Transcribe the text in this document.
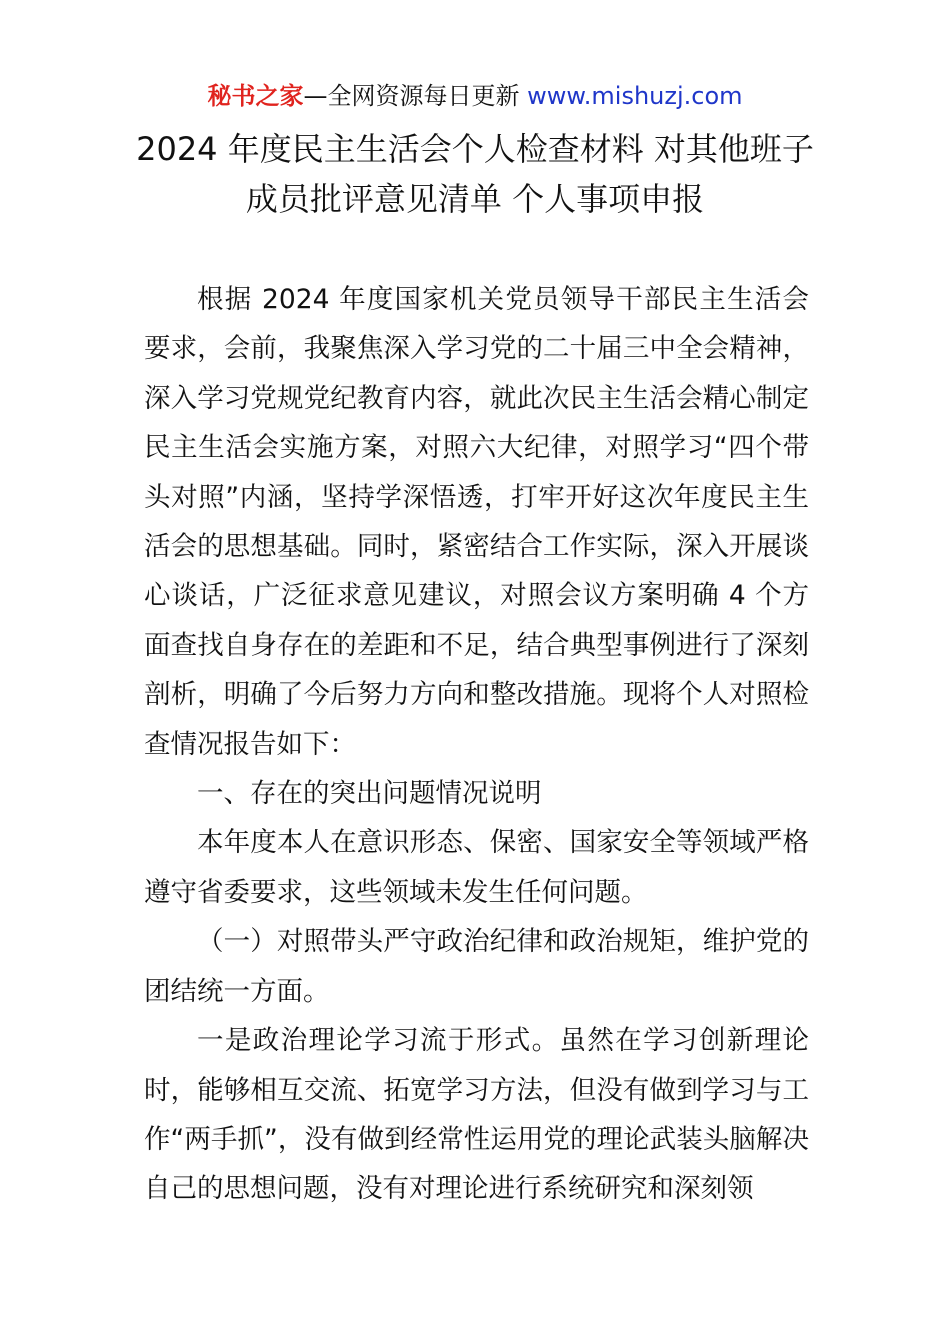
秘书之家—全网资源每日更新 www.mishuzj.com
2024 年度民主生活会个人检查材料 对其他班子
成员批评意见清单 个人事项申报

根据 2024 年度国家机关党员领导干部民主生活会要求，会前，我聚焦深入学习党的二十届三中全会精神，深入学习党规党纪教育内容，就此次民主生活会精心制定民主生活会实施方案，对照六大纪律，对照学习“四个带头对照”内涵，坚持学深悟透，打牢开好这次年度民主生活会的思想基础。同时，紧密结合工作实际，深入开展谈心谈话，广泛征求意见建议，对照会议方案明确 4 个方面查找自身存在的差距和不足，结合典型事例进行了深刻剖析，明确了今后努力方向和整改措施。现将个人对照检查情况报告如下：

一、存在的突出问题情况说明

本年度本人在意识形态、保密、国家安全等领域严格遵守省委要求，这些领域未发生任何问题。

（一）对照带头严守政治纪律和政治规矩，维护党的团结统一方面。

一是政治理论学习流于形式。虽然在学习创新理论时，能够相互交流、拓宽学习方法，但没有做到学习与工作“两手抓”，没有做到经常性运用党的理论武装头脑解决自己的思想问题，没有对理论进行系统研究和深刻领
